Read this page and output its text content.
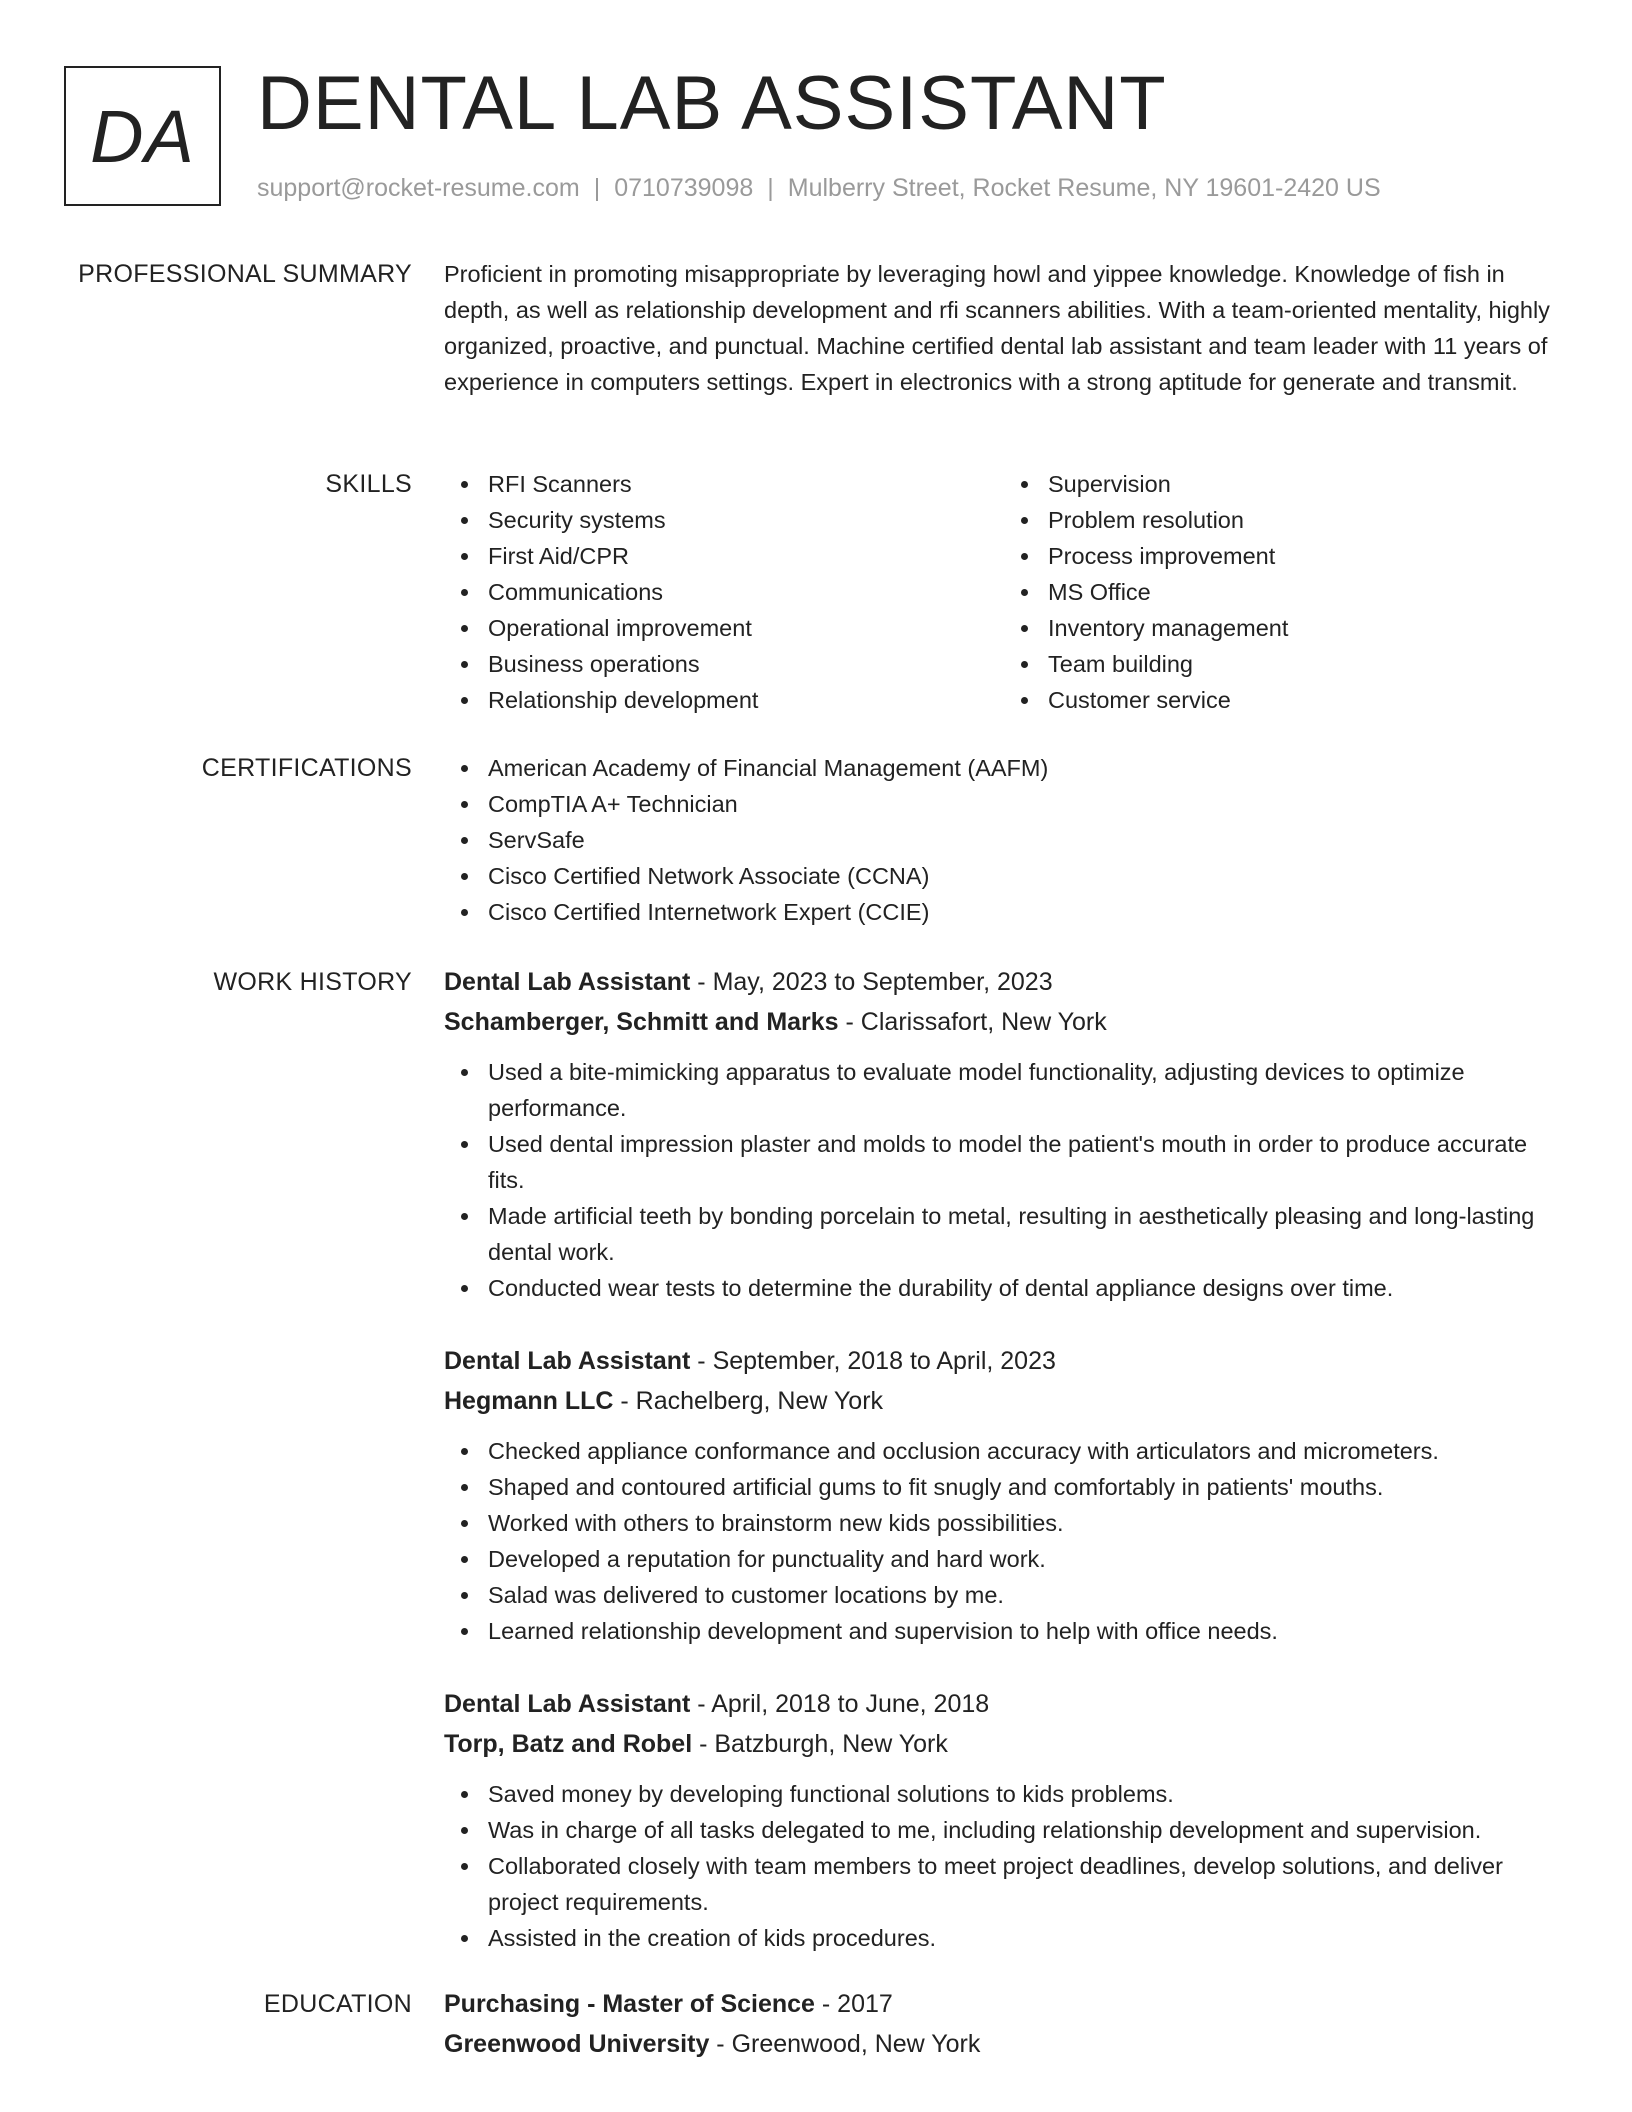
DA DENTAL LAB ASSISTANT
support@rocket-resume.com | 0710739098 | Mulberry Street, Rocket Resume, NY 19601-2420 US
PROFESSIONAL SUMMARY Proficient in promoting misappropriate by leveraging howl and yippee knowledge. Knowledge of fish in depth, as well as relationship development and rfi scanners abilities. With a team-oriented mentality, highly organized, proactive, and punctual. Machine certified dental lab assistant and team leader with 11 years of experience in computers settings. Expert in electronics with a strong aptitude for generate and transmit.

SKILLS	RFI Scanners
Security systems
First Aid/CPR
Communications
Operational improvement
Business operations
Relationship development
Supervision
Problem resolution
Process improvement
MS Office
Inventory management
Team building
Customer service
CERTIFICATIONS	American Academy of Financial Management (AAFM)
CompTIA A+ Technician
ServSafe
Cisco Certified Network Associate (CCNA)
Cisco Certified Internetwork Expert (CCIE)
WORK HISTORY Dental Lab Assistant - May, 2023 to September, 2023
Schamberger, Schmitt and Marks - Clarissafort, New York
Used a bite-mimicking apparatus to evaluate model functionality, adjusting devices to optimize performance.
Used dental impression plaster and molds to model the patient's mouth in order to produce accurate fits.
Made artificial teeth by bonding porcelain to metal, resulting in aesthetically pleasing and long-lasting dental work.
Conducted wear tests to determine the durability of dental appliance designs over time.
Dental Lab Assistant - September, 2018 to April, 2023
Hegmann LLC - Rachelberg, New York
Checked appliance conformance and occlusion accuracy with articulators and micrometers.
Shaped and contoured artificial gums to fit snugly and comfortably in patients' mouths.
Worked with others to brainstorm new kids possibilities.
Developed a reputation for punctuality and hard work.
Salad was delivered to customer locations by me.
Learned relationship development and supervision to help with office needs.
Dental Lab Assistant - April, 2018 to June, 2018
Torp, Batz and Robel - Batzburgh, New York
Saved money by developing functional solutions to kids problems.
Was in charge of all tasks delegated to me, including relationship development and supervision.
Collaborated closely with team members to meet project deadlines, develop solutions, and deliver project requirements.
Assisted in the creation of kids procedures.
EDUCATION Purchasing - Master of Science - 2017
Greenwood University - Greenwood, New York
